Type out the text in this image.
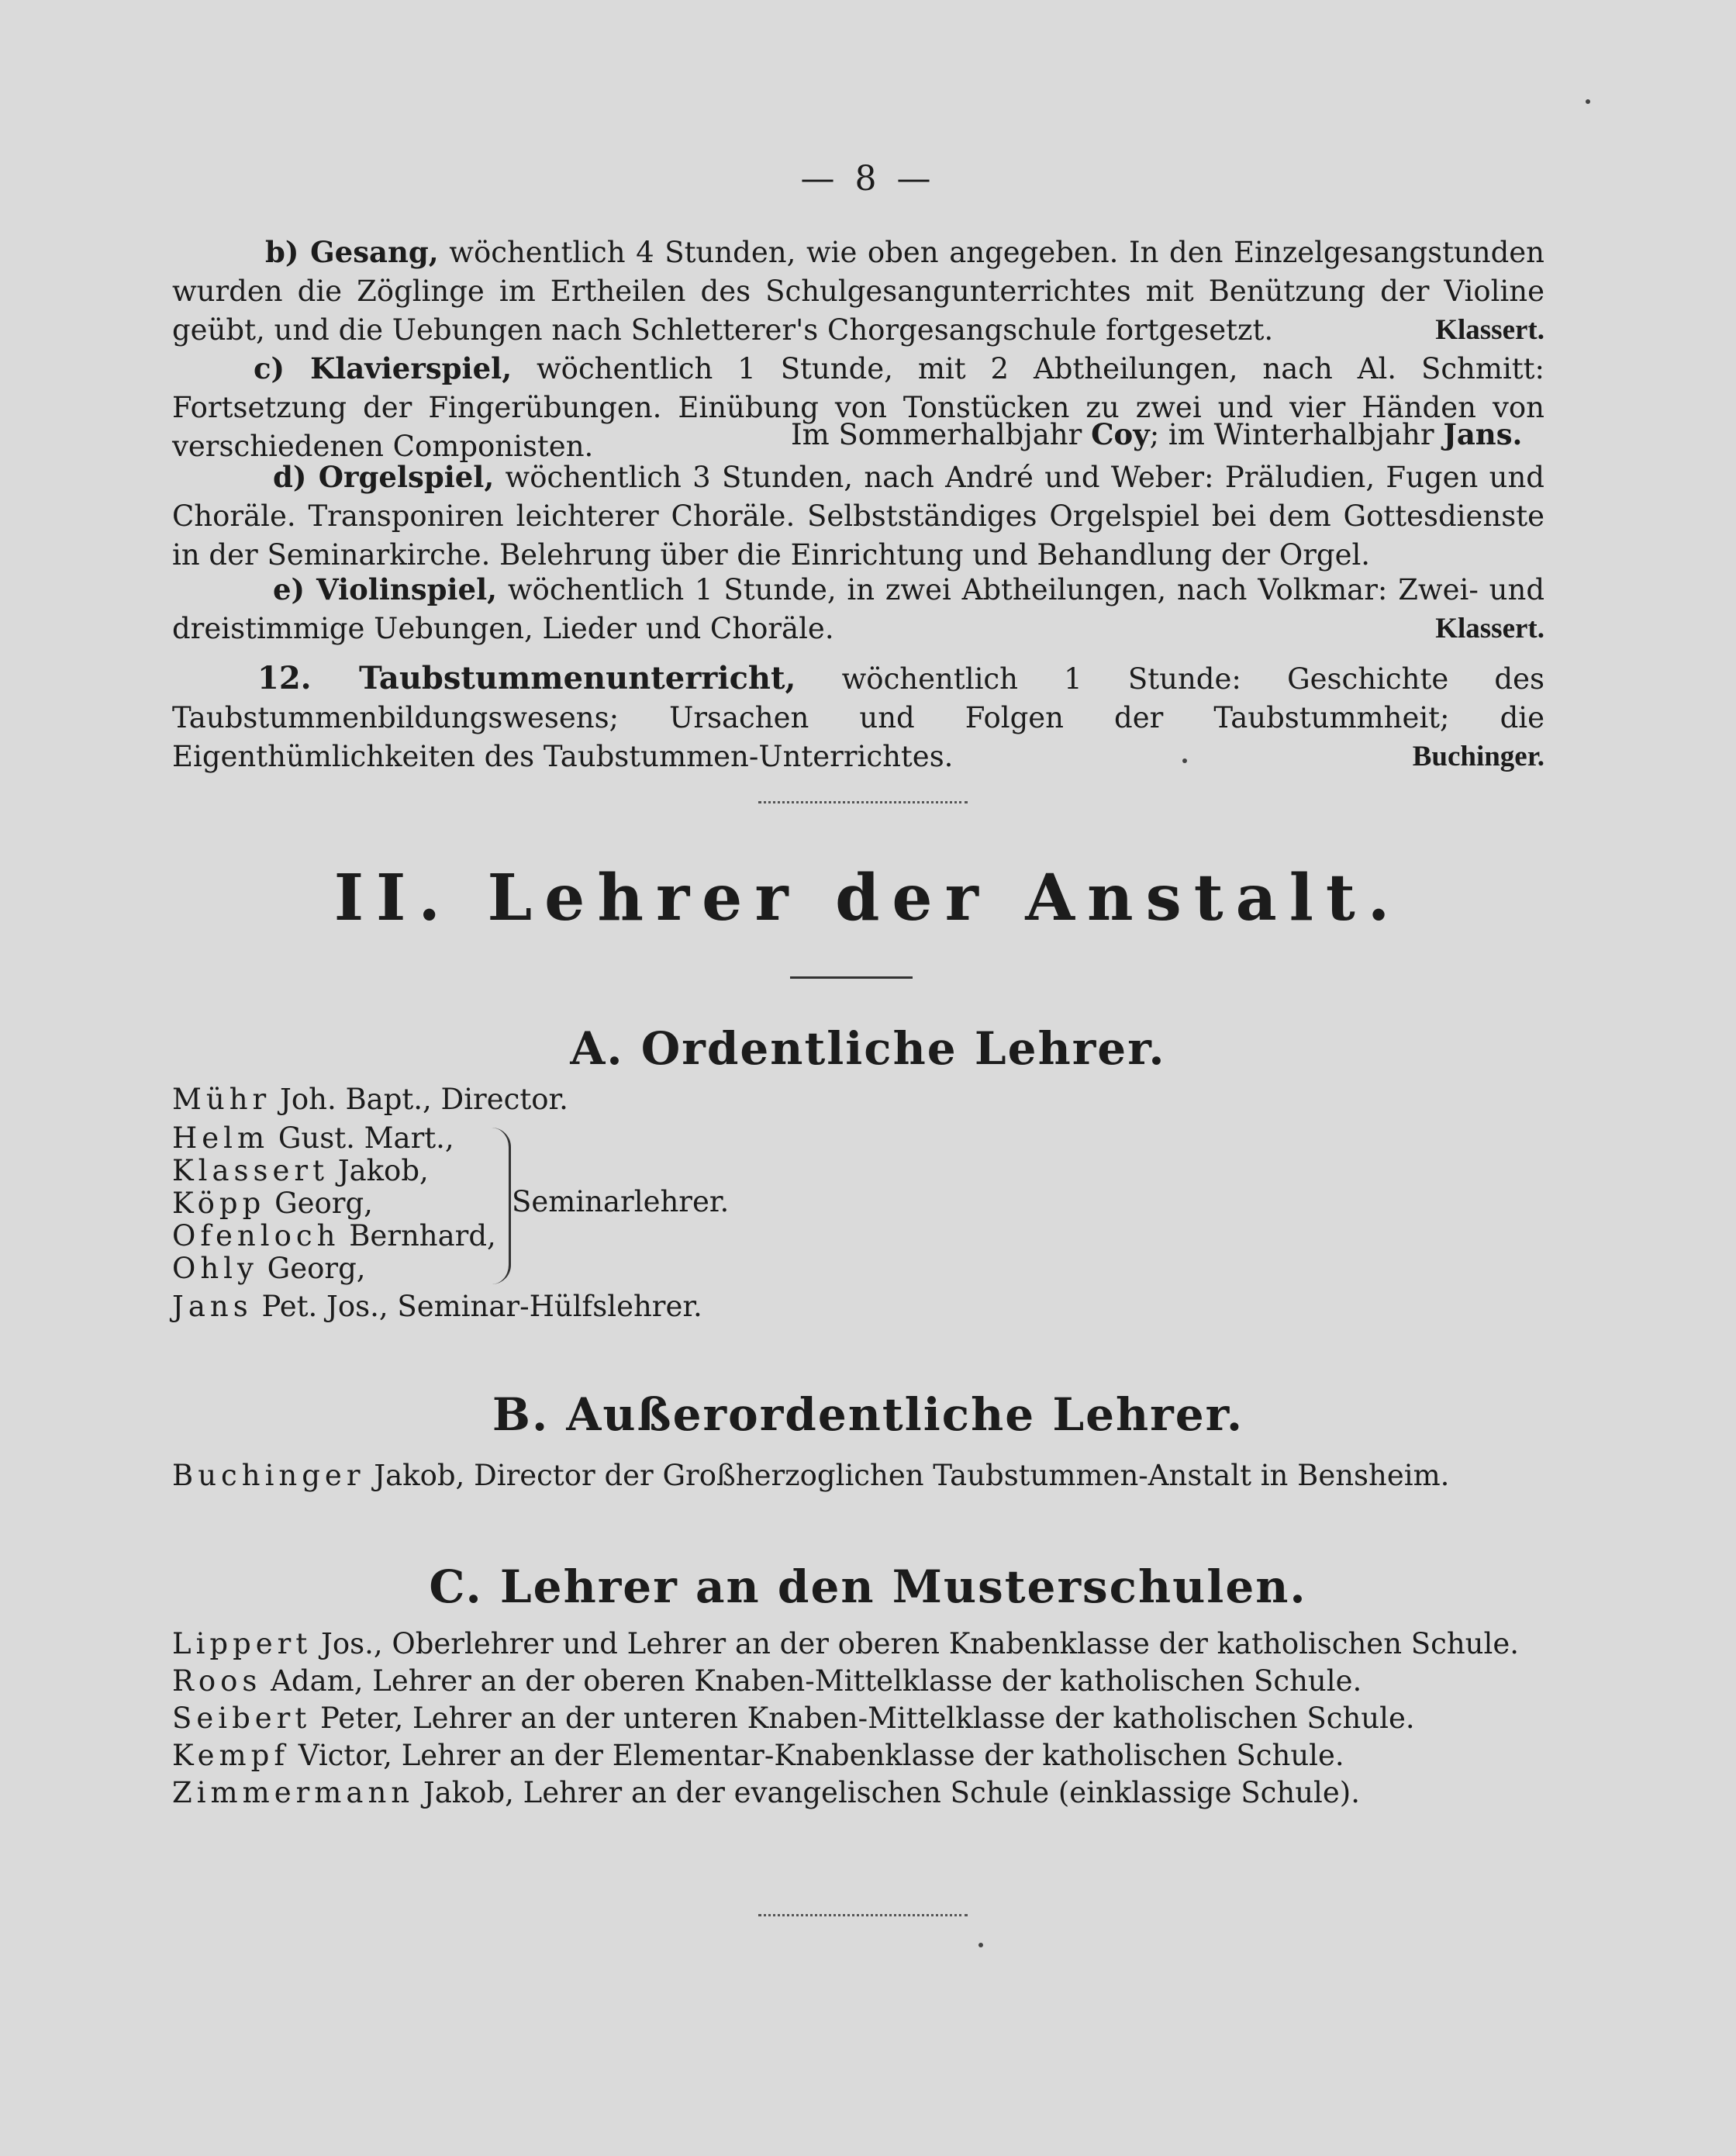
— 8 —

b) Gesang, wöchentlich 4 Stunden, wie oben angegeben. In den Einzelgesangstunden wurden die Zöglinge im Ertheilen des Schulgesangunterrichtes mit Benützung der Violine geübt, und die Uebungen nach Schletterer's Chorgesangschule fortgesetzt.	Klassert.

c) Klavierspiel, wöchentlich 1 Stunde, mit 2 Abtheilungen, nach Al. Schmitt: Fortsetzung der Fingerübungen. Einübung von Tonstücken zu zwei und vier Händen von verschiedenen Componisten.	Im Sommerhalbjahr Coy; im Winterhalbjahr Jans.

d) Orgelspiel, wöchentlich 3 Stunden, nach André und Weber: Präludien, Fugen und Choräle. Transponiren leichterer Choräle. Selbstständiges Orgelspiel bei dem Gottesdienste in der Seminarkirche. Belehrung über die Einrichtung und Behandlung der Orgel.

e) Violinspiel, wöchentlich 1 Stunde, in zwei Abtheilungen, nach Volkmar: Zwei- und dreistimmige Uebungen, Lieder und Choräle.	Klassert.

12. Taubstummenunterricht, wöchentlich 1 Stunde: Geschichte des Taubstummenbildungswesens; Ursachen und Folgen der Taubstummheit; die Eigenthümlichkeiten des Taubstummen-Unterrichtes.	Buchinger.

II. Lehrer der Anstalt.
A. Ordentliche Lehrer.
Mühr Joh. Bapt., Director.
Helm Gust. Mart.,
Klassert Jakob,
Köpp Georg,
Ofenloch Bernhard,
Ohly Georg,
Seminarlehrer.
Jans Pet. Jos., Seminar-Hülfslehrer.
B. Außerordentliche Lehrer.
Buchinger Jakob, Director der Großherzoglichen Taubstummen-Anstalt in Bensheim.
C. Lehrer an den Musterschulen.
Lippert Jos., Oberlehrer und Lehrer an der oberen Knabenklasse der katholischen Schule.
Roos Adam, Lehrer an der oberen Knaben-Mittelklasse der katholischen Schule.
Seibert Peter, Lehrer an der unteren Knaben-Mittelklasse der katholischen Schule.
Kempf Victor, Lehrer an der Elementar-Knabenklasse der katholischen Schule.
Zimmermann Jakob, Lehrer an der evangelischen Schule (einklassige Schule).
